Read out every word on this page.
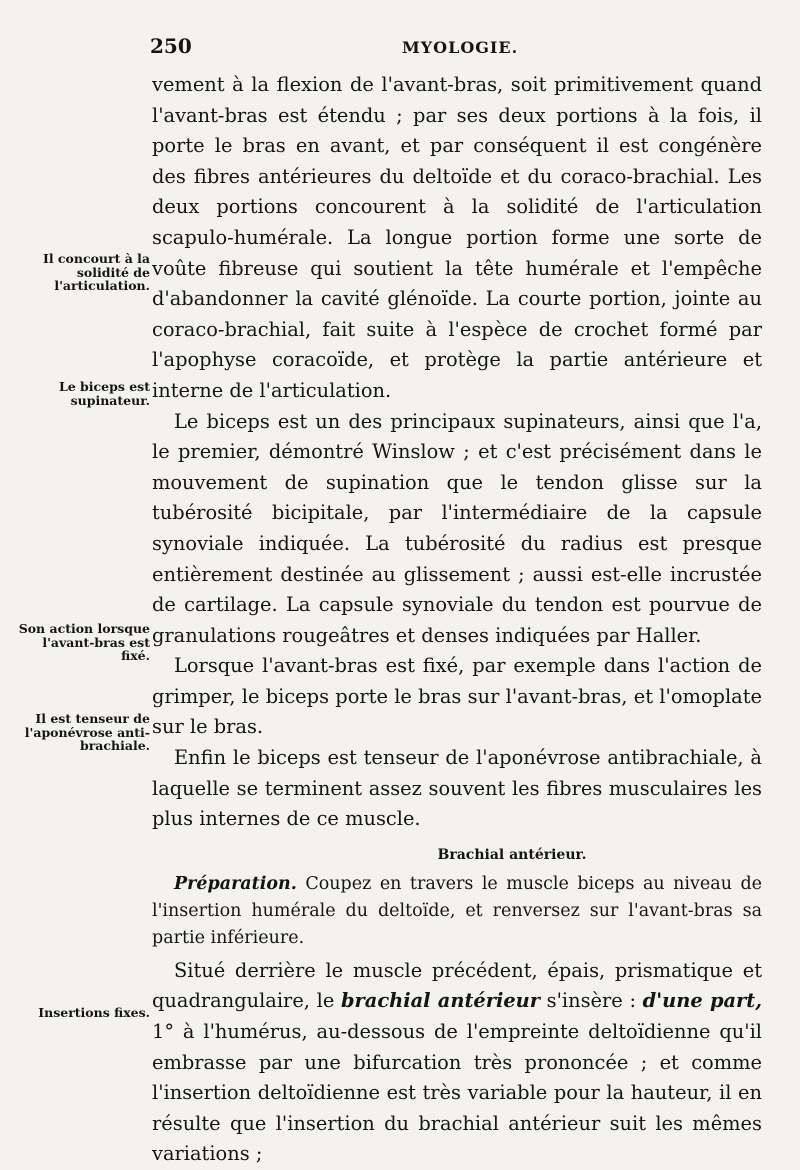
250	MYOLOGIE.
Il concourt à la solidité de l'articulation.
Le biceps est supinateur.
Son action lorsque l'avant-bras est fixé.
Il est tenseur de l'aponévrose anti-brachiale.
Insertions fixes.

vement à la flexion de l'avant-bras, soit primitivement quand l'avant-bras est étendu ; par ses deux portions à la fois, il porte le bras en avant, et par conséquent il est congénère des fibres antérieures du deltoïde et du coraco-brachial. Les deux portions concourent à la solidité de l'articulation scapulo-humérale. La longue portion forme une sorte de voûte fibreuse qui soutient la tête humérale et l'empêche d'abandonner la cavité glénoïde. La courte portion, jointe au coraco-brachial, fait suite à l'espèce de crochet formé par l'apophyse coracoïde, et protège la partie antérieure et interne de l'articulation.

Le biceps est un des principaux supinateurs, ainsi que l'a, le premier, démontré Winslow ; et c'est précisément dans le mouvement de supination que le tendon glisse sur la tubérosité bicipitale, par l'intermédiaire de la capsule synoviale indiquée. La tubérosité du radius est presque entièrement destinée au glissement ; aussi est-elle incrustée de cartilage. La capsule synoviale du tendon est pourvue de granulations rougeâtres et denses indiquées par Haller.

Lorsque l'avant-bras est fixé, par exemple dans l'action de grimper, le biceps porte le bras sur l'avant-bras, et l'omoplate sur le bras.

Enfin le biceps est tenseur de l'aponévrose antibrachiale, à laquelle se terminent assez souvent les fibres musculaires les plus internes de ce muscle.

Brachial antérieur.

Préparation. Coupez en travers le muscle biceps au niveau de l'insertion humérale du deltoïde, et renversez sur l'avant-bras sa partie inférieure.

Situé derrière le muscle précédent, épais, prismatique et quadrangulaire, le brachial antérieur s'insère : d'une part, 1° à l'humérus, au-dessous de l'empreinte deltoïdienne qu'il embrasse par une bifurcation très prononcée ; et comme l'insertion deltoïdienne est très variable pour la hauteur, il en résulte que l'insertion du brachial antérieur suit les mêmes variations ;
